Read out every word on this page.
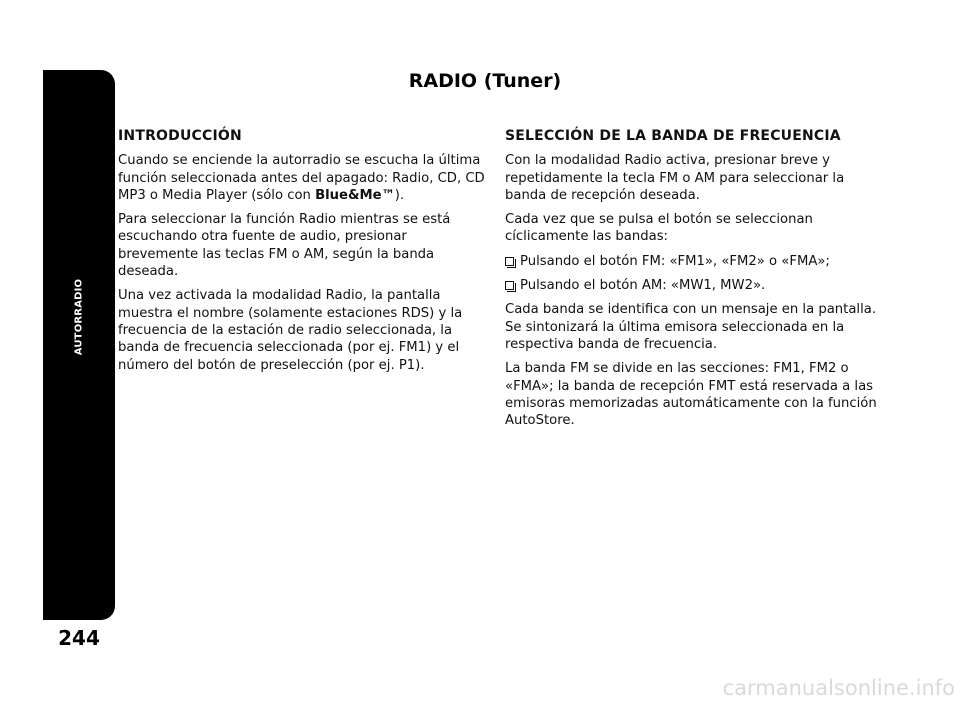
AUTORRADIO
244
RADIO (Tuner)
INTRODUCCIÓN
Cuando se enciende la autorradio se escucha la última función seleccionada antes del apagado: Radio, CD, CD MP3 o Media Player (sólo con Blue&Me™).
Para seleccionar la función Radio mientras se está escuchando otra fuente de audio, presionar brevemente las teclas FM o AM, según la banda deseada.
Una vez activada la modalidad Radio, la pantalla muestra el nombre (solamente estaciones RDS) y la frecuencia de la estación de radio seleccionada, la banda de frecuencia seleccionada (por ej. FM1) y el número del botón de preselección (por ej. P1).
SELECCIÓN DE LA BANDA DE FRECUENCIA
Con la modalidad Radio activa, presionar breve y repetidamente la tecla FM o AM para seleccionar la banda de recepción deseada.
Cada vez que se pulsa el botón se seleccionan cíclicamente las bandas:
Pulsando el botón FM: «FM1», «FM2» o «FMA»;
Pulsando el botón AM: «MW1, MW2».
Cada banda se identifica con un mensaje en la pantalla. Se sintonizará la última emisora seleccionada en la respectiva banda de frecuencia.
La banda FM se divide en las secciones: FM1, FM2 o «FMA»; la banda de recepción FMT está reservada a las emisoras memorizadas automáticamente con la función AutoStore.
carmanualsonline.info
